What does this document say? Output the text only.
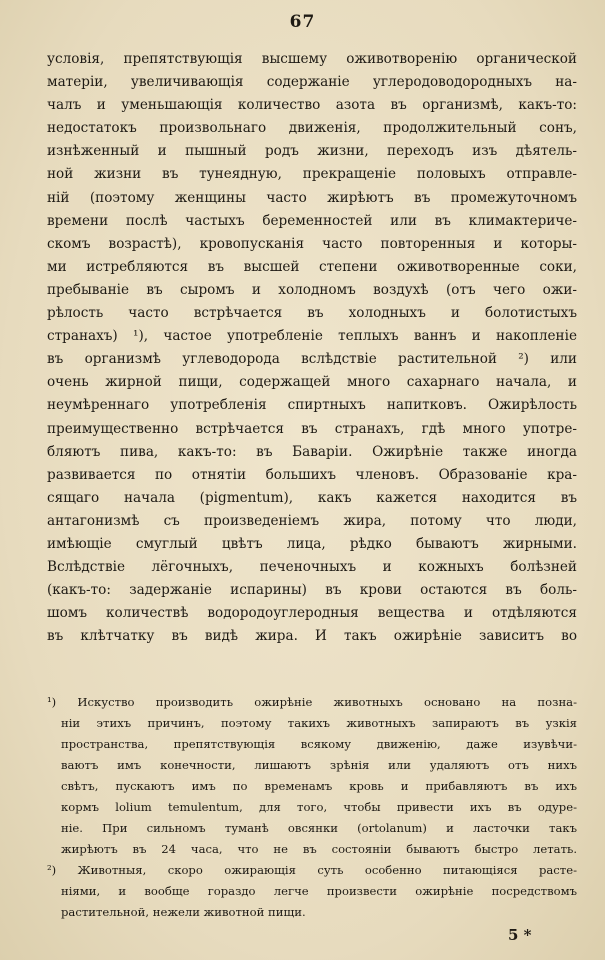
67
условія, препятствующія высшему оживотворенію органической
матеріи, увеличивающія содержаніе углеродоводородныхъ на-
чалъ и уменьшающія количество азота въ организмѣ, какъ-то:
недостатокъ произвольнаго движенія, продолжительный сонъ,
изнѣженный и пышный родъ жизни, переходъ изъ дѣятель-
ной жизни въ тунеядную, прекращеніе половыхъ отправле-
ній (поэтому женщины часто жирѣютъ въ промежуточномъ
времени послѣ частыхъ беременностей или въ климактериче-
скомъ возрастѣ), кровопусканія часто повторенныя и которы-
ми истребляются въ высшей степени оживотворенные соки,
пребываніе въ сыромъ и холодномъ воздухѣ (отъ чего ожи-
рѣлость часто встрѣчается въ холодныхъ и болотистыхъ
странахъ) ¹), частое употребленіе теплыхъ ваннъ и накопленіе
въ организмѣ углеводорода вслѣдствіе растительной ²) или
очень жирной пищи, содержащей много сахарнаго начала, и
неумѣреннаго употребленія спиртныхъ напитковъ. Ожирѣлость
преимущественно встрѣчается въ странахъ, гдѣ много употре-
бляютъ пива, какъ-то: въ Баваріи. Ожирѣніе также иногда
развивается по отнятіи большихъ членовъ. Образованіе кра-
сящаго начала (pigmentum), какъ кажется находится въ
антагонизмѣ съ произведеніемъ жира, потому что люди,
имѣющіе смуглый цвѣтъ лица, рѣдко бываютъ жирными.
Вслѣдствіе лёгочныхъ, печеночныхъ и кожныхъ болѣзней
(какъ-то: задержаніе испарины) въ крови остаются въ боль-
шомъ количествѣ водородоуглеродныя вещества и отдѣляются
въ клѣтчатку въ видѣ жира. И такъ ожирѣніе зависитъ во
¹) Искуство производить ожирѣніе животныхъ основано на позна-
ніи этихъ причинъ, поэтому такихъ животныхъ запираютъ въ узкія
пространства, препятствующія всякому движенію, даже изувѣчи-
ваютъ имъ конечности, лишаютъ зрѣнія или удаляютъ отъ нихъ
свѣтъ, пускаютъ имъ по временамъ кровь и прибавляютъ въ ихъ
кормъ lolium temulentum, для того, чтобы привести ихъ въ одуре-
ніе. При сильномъ туманѣ овсянки (ortolanum) и ласточки такъ
жирѣютъ въ 24 часа, что не въ состояніи бываютъ быстро летать.
²) Животныя, скоро ожирающія суть особенно питающіяся расте-
ніями, и вообще гораздо легче произвести ожирѣніе посредствомъ
растительной, нежели животной пищи.
5 *
